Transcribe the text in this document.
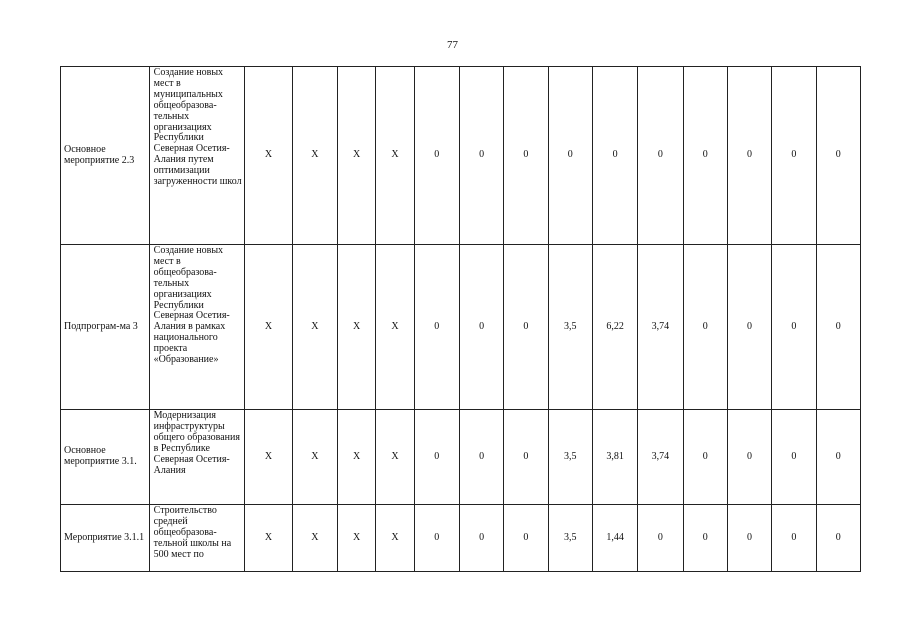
77
Основное мероприятие 2.3	Создание новых мест в муниципальных общеобразова-тельных организациях Республики Северная Осетия-Алания путем оптимизации загруженности школ	X	X	X	X	0	0	0	0	0	0	0	0	0	0
Подпрограм-ма 3	Создание новых мест в общеобразова-тельных организациях Республики Северная Осетия-Алания в рамках национального проекта «Образование»	X	X	X	X	0	0	0	3,5	6,22	3,74	0	0	0	0
Основное мероприятие 3.1.	Модернизация инфраструктуры общего образования в Республике Северная Осетия-Алания	X	X	X	X	0	0	0	3,5	3,81	3,74	0	0	0	0
Мероприятие 3.1.1	Строительство средней общеобразова-тельной школы на 500 мест по	X	X	X	X	0	0	0	3,5	1,44	0	0	0	0	0
